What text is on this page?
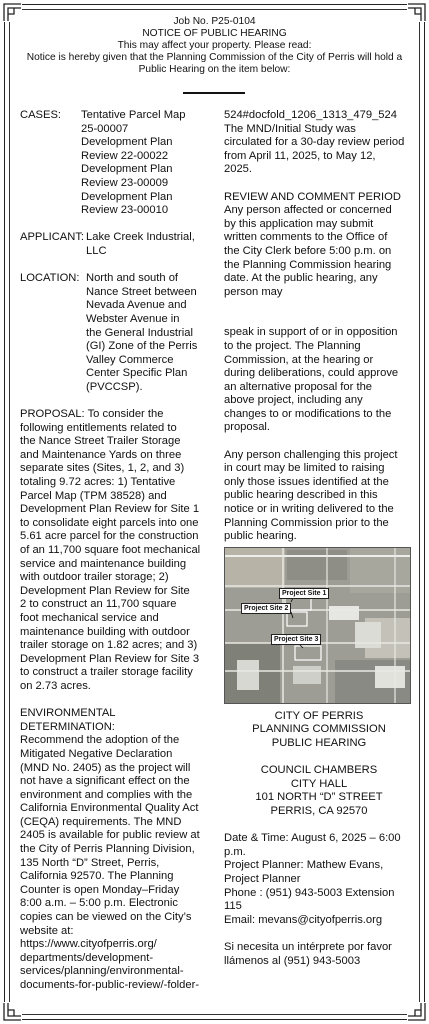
Job No. P25-0104
NOTICE OF PUBLIC HEARING
This may affect your property. Please read:
Notice is hereby given that the Planning Commission of the City of Perris will hold a
Public Hearing on the item below:
CASES:	Tentative Parcel Map
25-00007
Development Plan
Review 22-00022
Development Plan
Review 23-00009
Development Plan
Review 23-00010
APPLICANT: Lake Creek Industrial,
LLC
LOCATION: North and south of
Nance Street between
Nevada Avenue and
Webster Avenue in
the General Industrial
(GI) Zone of the Perris
Valley Commerce
Center Specific Plan
(PVCCSP).
PROPOSAL: To consider the
following entitlements related to
the Nance Street Trailer Storage
and Maintenance Yards on three
separate sites (Sites, 1, 2, and 3)
totaling 9.72 acres: 1) Tentative
Parcel Map (TPM 38528) and
Development Plan Review for Site 1
to consolidate eight parcels into one
5.61 acre parcel for the construction
of an 11,700 square foot mechanical
service and maintenance building
with outdoor trailer storage; 2)
Development Plan Review for Site
2 to construct an 11,700 square
foot mechanical service and
maintenance building with outdoor
trailer storage on 1.82 acres; and 3)
Development Plan Review for Site 3
to construct a trailer storage facility
on 2.73 acres.
ENVIRONMENTAL
DETERMINATION:
Recommend the adoption of the
Mitigated Negative Declaration
(MND No. 2405) as the project will
not have a significant effect on the
environment and complies with the
California Environmental Quality Act
(CEQA) requirements. The MND
2405 is available for public review at
the City of Perris Planning Division,
135 North “D” Street, Perris,
California 92570. The Planning
Counter is open Monday–Friday
8:00 a.m. – 5:00 p.m. Electronic
copies can be viewed on the City’s
website at:
https://www.cityofperris.org/
departments/development-
services/planning/environmental-
documents-for-public-review/-folder-
524#docfold_1206_1313_479_524
The MND/Initial Study was
circulated for a 30-day review period
from April 11, 2025, to May 12,
2025.
REVIEW AND COMMENT PERIOD
Any person affected or concerned
by this application may submit
written comments to the Office of
the City Clerk before 5:00 p.m. on
the Planning Commission hearing
date. At the public hearing, any
person may
speak in support of or in opposition
to the project. The Planning
Commission, at the hearing or
during deliberations, could approve
an alternative proposal for the
above project, including any
changes to or modifications to the
proposal.
Any person challenging this project
in court may be limited to raising
only those issues identified at the
public hearing described in this
notice or in writing delivered to the
Planning Commission prior to the
public hearing.
Project Site 1
Project Site 2
Project Site 3
CITY OF PERRIS
PLANNING COMMISSION
PUBLIC HEARING
COUNCIL CHAMBERS
CITY HALL
101 NORTH “D” STREET
PERRIS, CA 92570
Date & Time: August 6, 2025 – 6:00
p.m.
Project Planner: Mathew Evans,
Project Planner
Phone : (951) 943-5003 Extension
115
Email: mevans@cityofperris.org
Si necesita un intérprete por favor
llámenos al (951) 943-5003
